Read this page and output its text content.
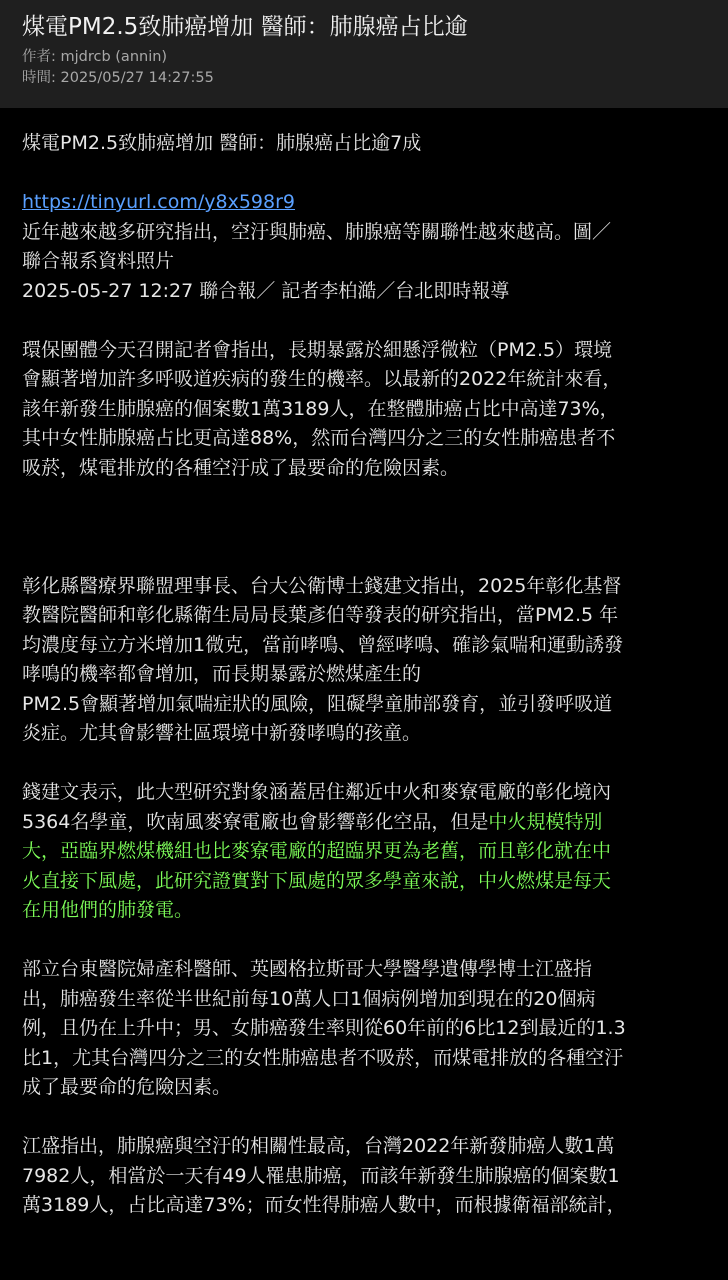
煤電PM2.5致肺癌增加 醫師：肺腺癌占比逾
作者: mjdrcb (annin)
時間: 2025/05/27 14:27:55
煤電PM2.5致肺癌增加 醫師：肺腺癌占比逾7成
https://tinyurl.com/y8x598r9
近年越來越多研究指出，空汙與肺癌、肺腺癌等關聯性越來越高。圖／
聯合報系資料照片
2025-05-27 12:27 聯合報／ 記者李柏澔／台北即時報導
環保團體今天召開記者會指出，長期暴露於細懸浮微粒（PM2.5）環境
會顯著增加許多呼吸道疾病的發生的機率。以最新的2022年統計來看，
該年新發生肺腺癌的個案數1萬3189人，在整體肺癌占比中高達73%，
其中女性肺腺癌占比更高達88%，然而台灣四分之三的女性肺癌患者不
吸菸，煤電排放的各種空汙成了最要命的危險因素。
彰化縣醫療界聯盟理事長、台大公衛博士錢建文指出，2025年彰化基督
教醫院醫師和彰化縣衛生局局長葉彥伯等發表的研究指出，當PM2.5 年
均濃度每立方米增加1微克，當前哮鳴、曾經哮鳴、確診氣喘和運動誘發
哮鳴的機率都會增加，而長期暴露於燃煤產生的
PM2.5會顯著增加氣喘症狀的風險，阻礙學童肺部發育，並引發呼吸道
炎症。尤其會影響社區環境中新發哮鳴的孩童。
錢建文表示，此大型研究對象涵蓋居住鄰近中火和麥寮電廠的彰化境內
5364名學童，吹南風麥寮電廠也會影響彰化空品，但是中火規模特別
大，亞臨界燃煤機組也比麥寮電廠的超臨界更為老舊，而且彰化就在中
火直接下風處，此研究證實對下風處的眾多學童來說，中火燃煤是每天
在用他們的肺發電。
部立台東醫院婦產科醫師、英國格拉斯哥大學醫學遺傳學博士江盛指
出，肺癌發生率從半世紀前每10萬人口1個病例增加到現在的20個病
例，且仍在上升中；男、女肺癌發生率則從60年前的6比12到最近的1.3
比1，尤其台灣四分之三的女性肺癌患者不吸菸，而煤電排放的各種空汙
成了最要命的危險因素。
江盛指出，肺腺癌與空汙的相關性最高，台灣2022年新發肺癌人數1萬
7982人，相當於一天有49人罹患肺癌，而該年新發生肺腺癌的個案數1
萬3189人，占比高達73%；而女性得肺癌人數中，而根據衛福部統計，
